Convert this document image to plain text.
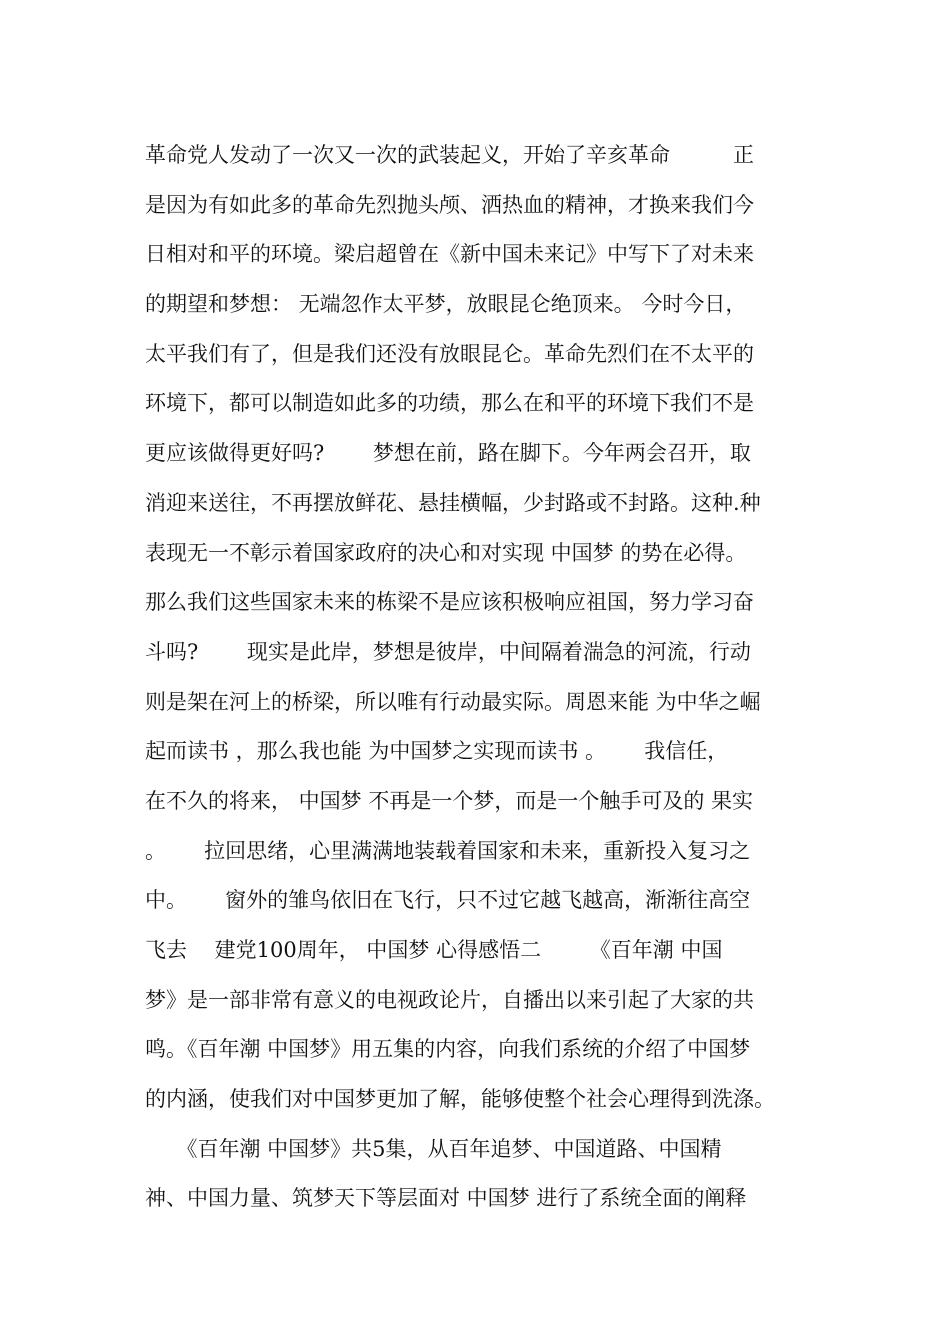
革命党人发动了一次又一次的武装起义，开始了辛亥革命　　　正
是因为有如此多的革命先烈抛头颅、洒热血的精神，才换来我们今
日相对和平的环境。梁启超曾在《新中国未来记》中写下了对未来
的期望和梦想： 无端忽作太平梦，放眼昆仑绝顶来。 今时今日，
太平我们有了，但是我们还没有放眼昆仑。革命先烈们在不太平的
环境下，都可以制造如此多的功绩，那么在和平的环境下我们不是
更应该做得更好吗?　　 梦想在前，路在脚下。今年两会召开，取
消迎来送往，不再摆放鲜花、悬挂横幅，少封路或不封路。这种.种
表现无一不彰示着国家政府的决心和对实现 中国梦 的势在必得。
那么我们这些国家未来的栋梁不是应该积极响应祖国，努力学习奋
斗吗?　　 现实是此岸，梦想是彼岸，中间隔着湍急的河流，行动
则是架在河上的桥梁，所以唯有行动最实际。周恩来能 为中华之崛
起而读书 ，那么我也能 为中国梦之实现而读书 。　　 我信任，
在不久的将来， 中国梦 不再是一个梦，而是一个触手可及的 果实
。　　 拉回思绪，心里满满地装载着国家和未来，重新投入复习之
中。　　 窗外的雏鸟依旧在飞行，只不过它越飞越高，渐渐往高空
飞去　 建党100周年， 中国梦 心得感悟二　　 《百年潮 中国
梦》是一部非常有意义的电视政论片，自播出以来引起了大家的共
鸣。《百年潮 中国梦》用五集的内容，向我们系统的介绍了中国梦
的内涵，使我们对中国梦更加了解，能够使整个社会心理得到洗涤。
　　《百年潮 中国梦》共5集，从百年追梦、中国道路、中国精
神、中国力量、筑梦天下等层面对 中国梦 进行了系统全面的阐释
